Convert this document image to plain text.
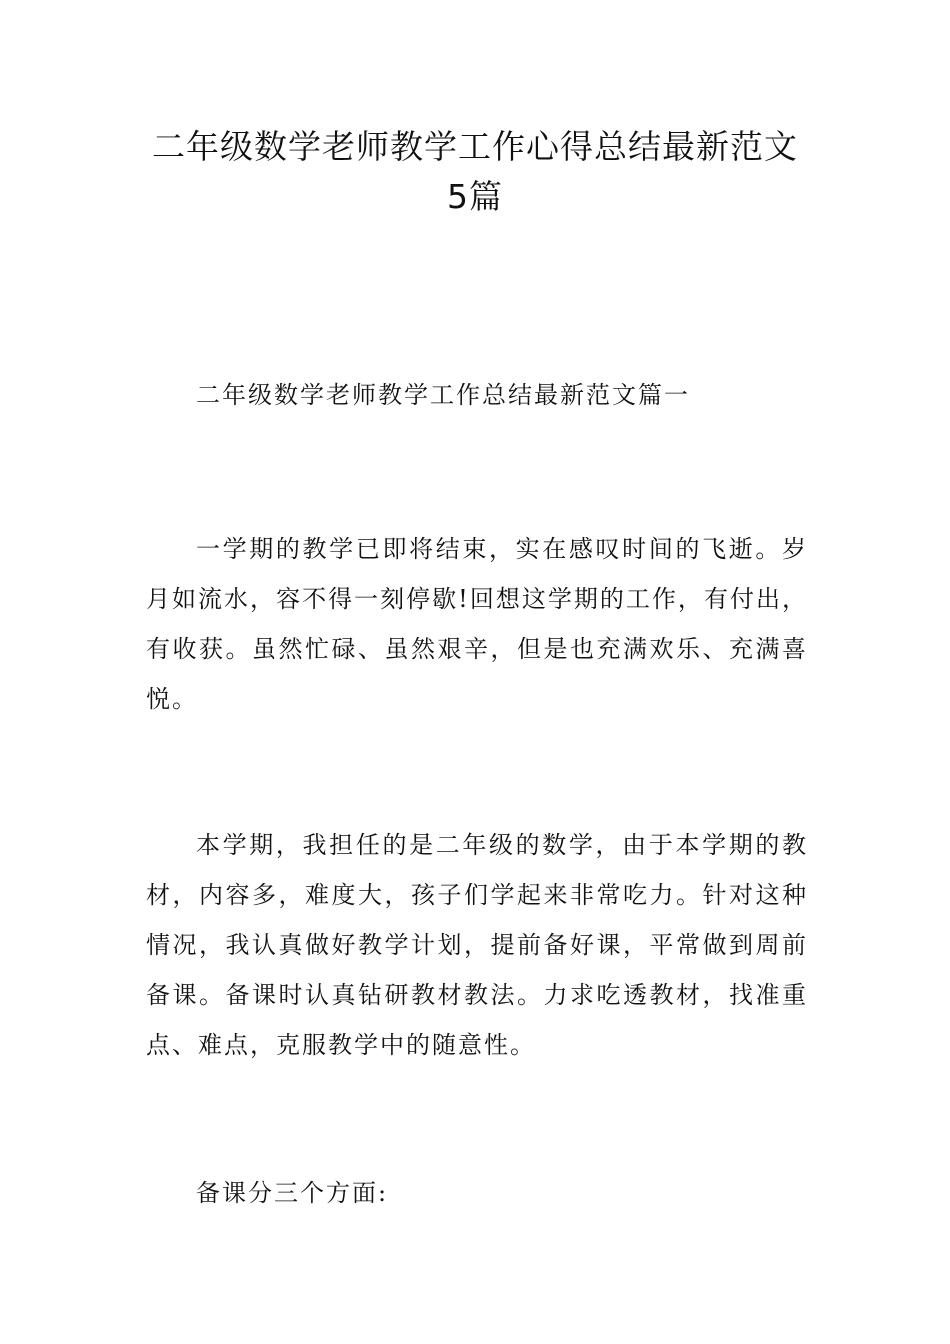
二年级数学老师教学工作心得总结最新范文5篇

二年级数学老师教学工作总结最新范文篇一

一学期的教学已即将结束，实在感叹时间的飞逝。岁月如流水，容不得一刻停歇!回想这学期的工作，有付出，有收获。虽然忙碌、虽然艰辛，但是也充满欢乐、充满喜悦。

本学期，我担任的是二年级的数学，由于本学期的教材，内容多，难度大，孩子们学起来非常吃力。针对这种情况，我认真做好教学计划，提前备好课，平常做到周前备课。备课时认真钻研教材教法。力求吃透教材，找准重点、难点，克服教学中的随意性。

备课分三个方面:
